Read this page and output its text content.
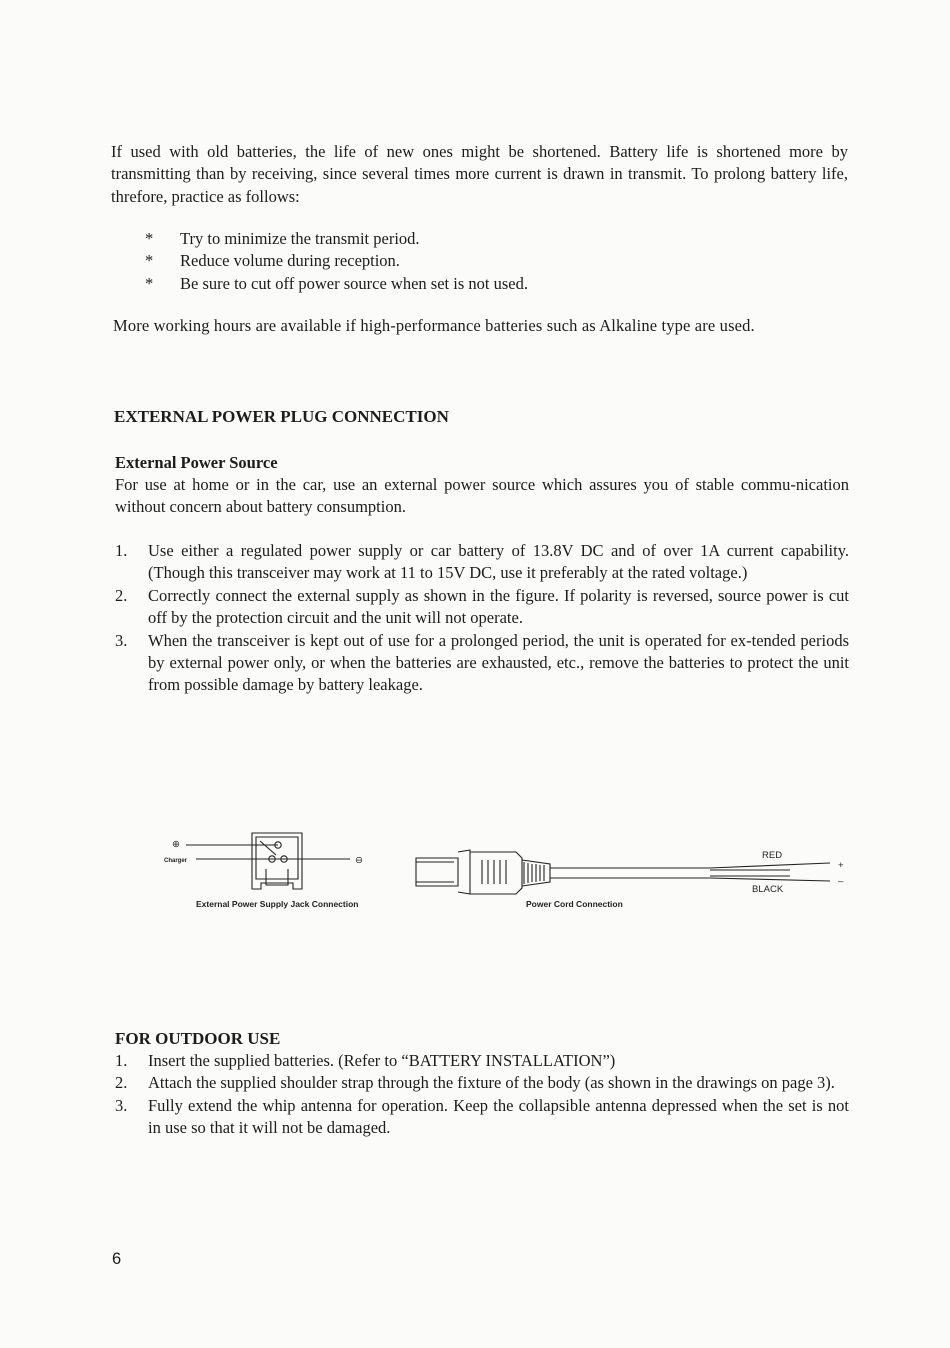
If used with old batteries, the life of new ones might be shortened. Battery life is shortened more by transmitting than by receiving, since several times more current is drawn in transmit. To prolong battery life, threfore, practice as follows:
* Try to minimize the transmit period.
* Reduce volume during reception.
* Be sure to cut off power source when set is not used.
More working hours are available if high-performance batteries such as Alkaline type are used.
EXTERNAL POWER PLUG CONNECTION
External Power Source
For use at home or in the car, use an external power source which assures you of stable commu-nication without concern about battery consumption.
1. Use either a regulated power supply or car battery of 13.8V DC and of over 1A current capability. (Though this transceiver may work at 11 to 15V DC, use it preferably at the rated voltage.)
2. Correctly connect the external supply as shown in the figure. If polarity is reversed, source power is cut off by the protection circuit and the unit will not operate.
3. When the transceiver is kept out of use for a prolonged period, the unit is operated for ex-tended periods by external power only, or when the batteries are exhausted, etc., remove the batteries to protect the unit from possible damage by battery leakage.
⊕
Charger	⊖
External Power Supply Jack Connection
RED
BLACK
+
–
Power Cord Connection
FOR OUTDOOR USE
1. Insert the supplied batteries. (Refer to “BATTERY INSTALLATION”)
2. Attach the supplied shoulder strap through the fixture of the body (as shown in the drawings on page 3).
3. Fully extend the whip antenna for operation. Keep the collapsible antenna depressed when the set is not in use so that it will not be damaged.
6
